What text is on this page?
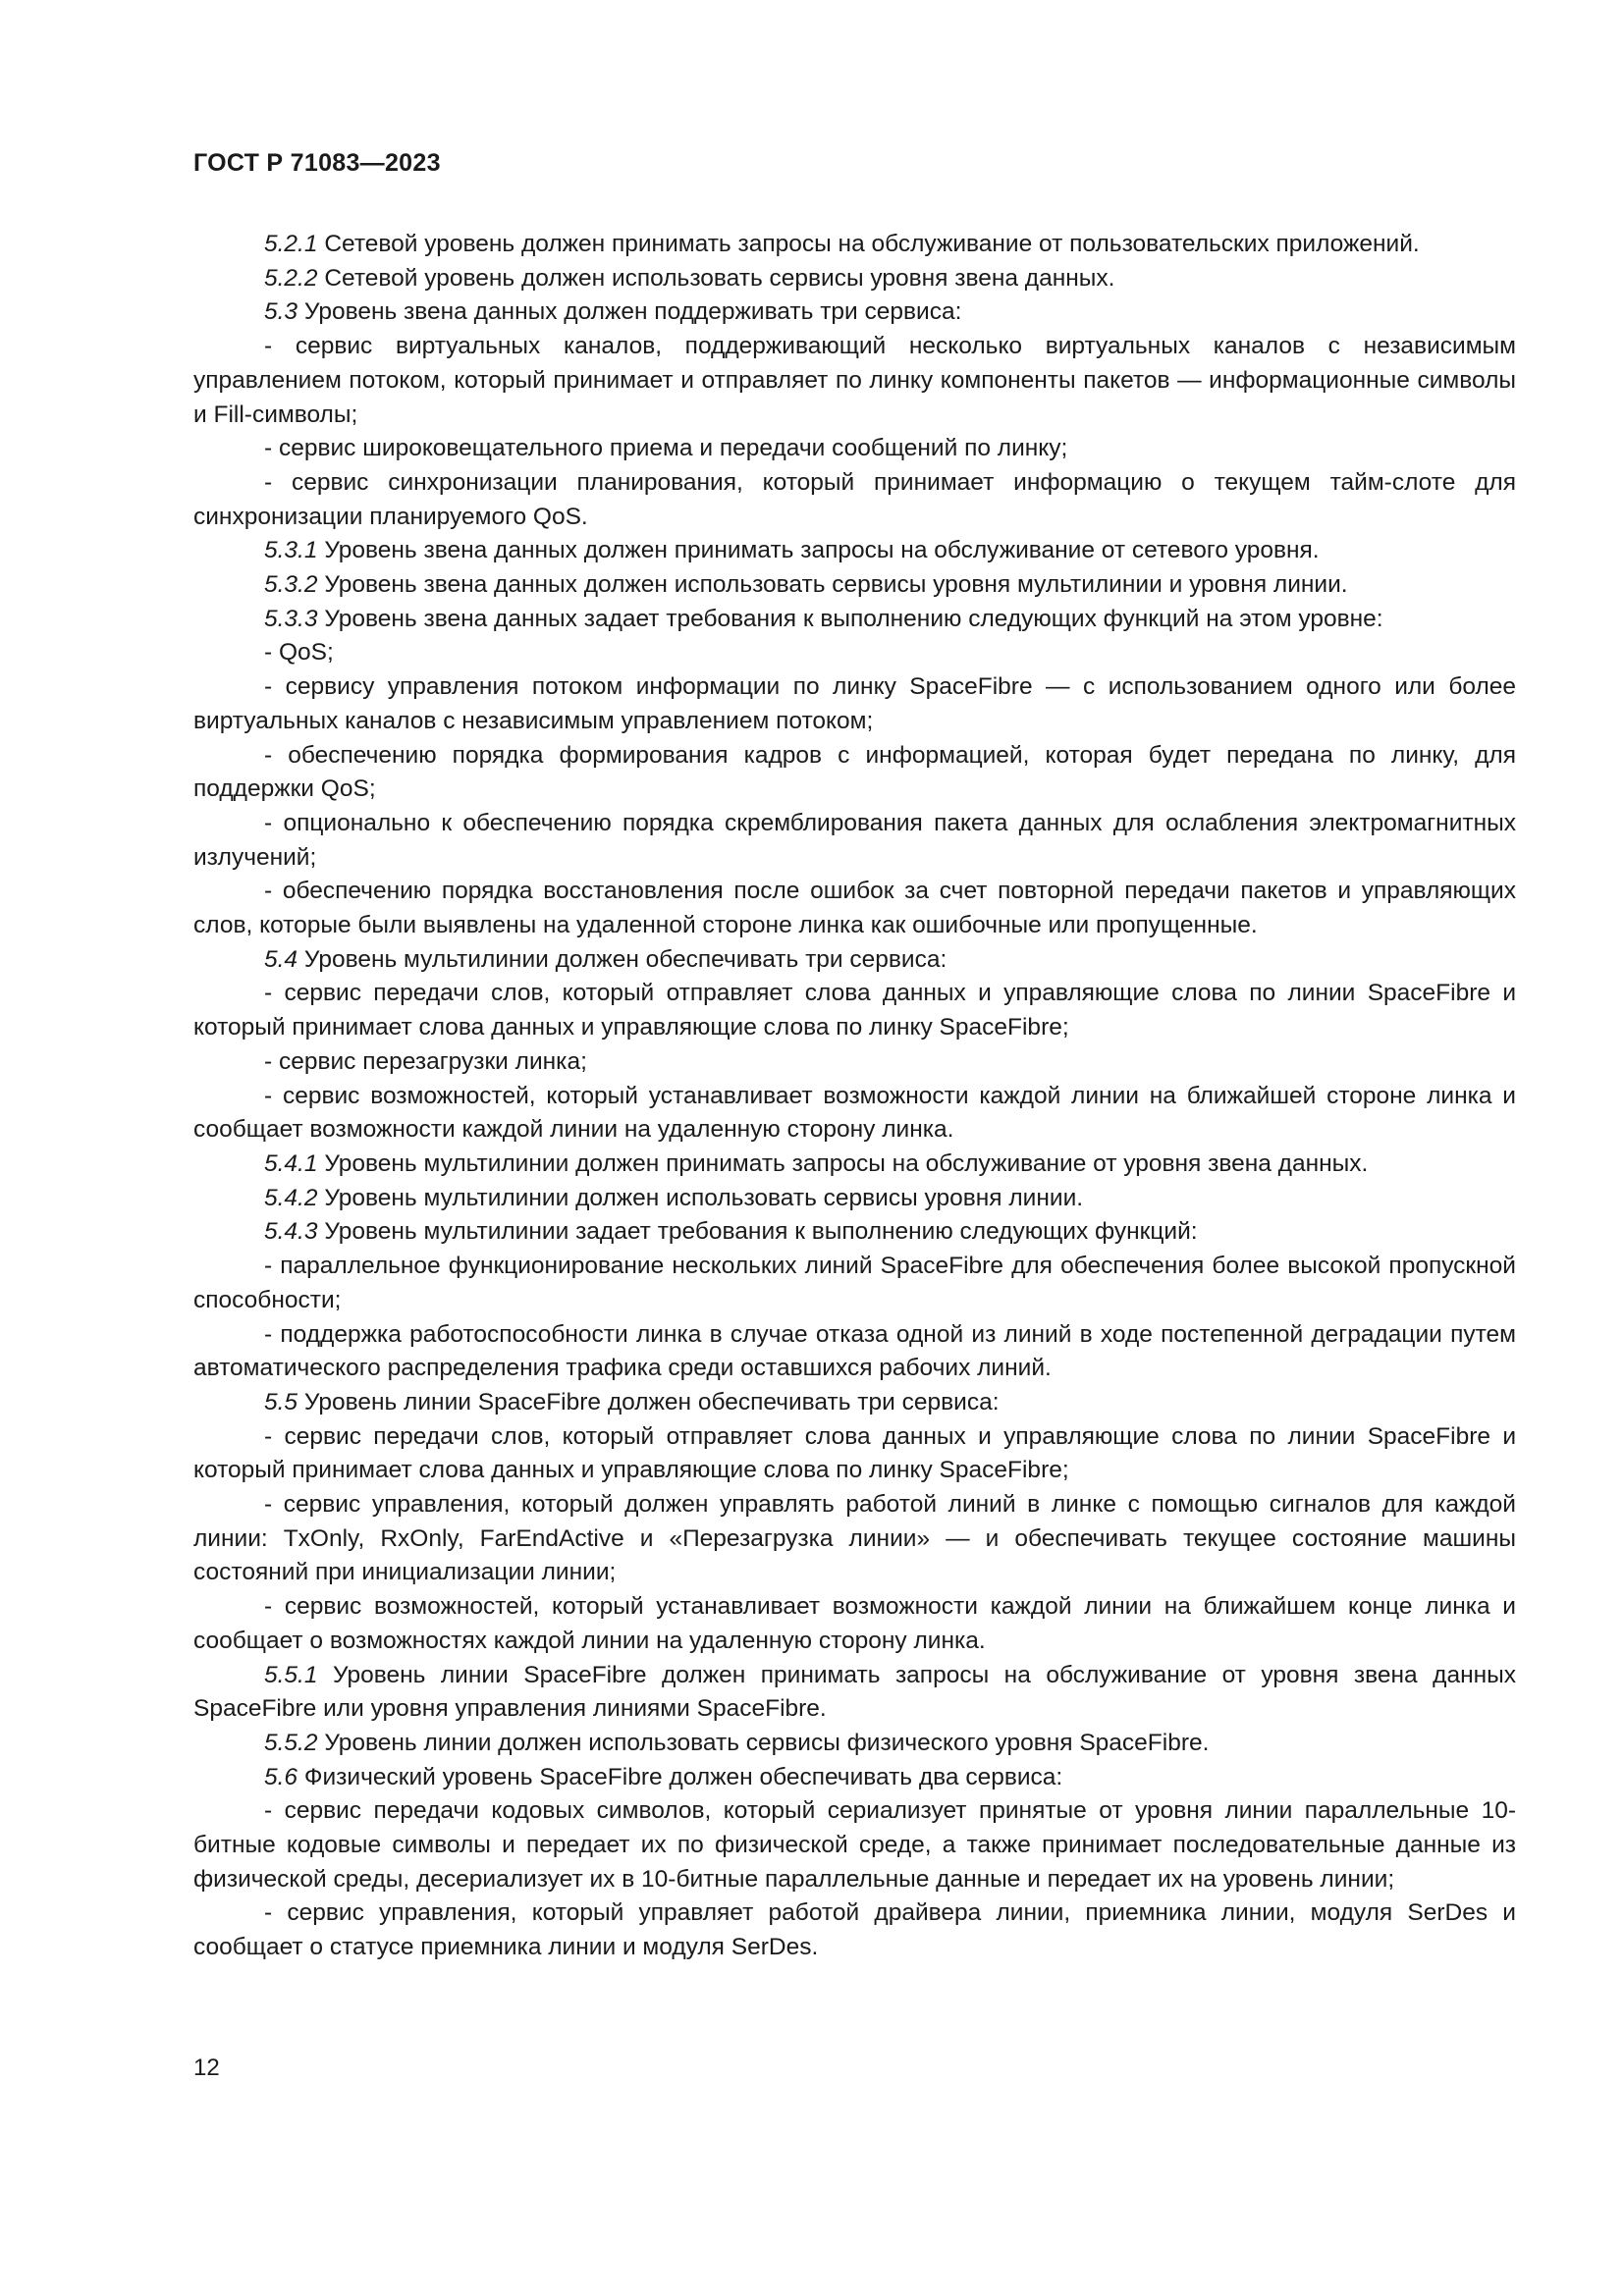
ГОСТ Р 71083—2023

5.2.1 Сетевой уровень должен принимать запросы на обслуживание от пользовательских приложений.

5.2.2 Сетевой уровень должен использовать сервисы уровня звена данных.

5.3 Уровень звена данных должен поддерживать три сервиса:

- сервис виртуальных каналов, поддерживающий несколько виртуальных каналов с независимым управлением потоком, который принимает и отправляет по линку компоненты пакетов — информационные символы и Fill-символы;

- сервис широковещательного приема и передачи сообщений по линку;

- сервис синхронизации планирования, который принимает информацию о текущем тайм-слоте для синхронизации планируемого QoS.

5.3.1 Уровень звена данных должен принимать запросы на обслуживание от сетевого уровня.

5.3.2 Уровень звена данных должен использовать сервисы уровня мультилинии и уровня линии.

5.3.3 Уровень звена данных задает требования к выполнению следующих функций на этом уровне:

- QoS;

- сервису управления потоком информации по линку SpaceFibre — с использованием одного или более виртуальных каналов с независимым управлением потоком;

- обеспечению порядка формирования кадров с информацией, которая будет передана по линку, для поддержки QoS;

- опционально к обеспечению порядка скремблирования пакета данных для ослабления электромагнитных излучений;

- обеспечению порядка восстановления после ошибок за счет повторной передачи пакетов и управляющих слов, которые были выявлены на удаленной стороне линка как ошибочные или пропущенные.

5.4 Уровень мультилинии должен обеспечивать три сервиса:

- сервис передачи слов, который отправляет слова данных и управляющие слова по линии SpaceFibre и который принимает слова данных и управляющие слова по линку SpaceFibre;

- сервис перезагрузки линка;

- сервис возможностей, который устанавливает возможности каждой линии на ближайшей стороне линка и сообщает возможности каждой линии на удаленную сторону линка.

5.4.1 Уровень мультилинии должен принимать запросы на обслуживание от уровня звена данных.

5.4.2 Уровень мультилинии должен использовать сервисы уровня линии.

5.4.3 Уровень мультилинии задает требования к выполнению следующих функций:

- параллельное функционирование нескольких линий SpaceFibre для обеспечения более высокой пропускной способности;

- поддержка работоспособности линка в случае отказа одной из линий в ходе постепенной деградации путем автоматического распределения трафика среди оставшихся рабочих линий.

5.5 Уровень линии SpaceFibre должен обеспечивать три сервиса:

- сервис передачи слов, который отправляет слова данных и управляющие слова по линии SpaceFibre и который принимает слова данных и управляющие слова по линку SpaceFibre;

- сервис управления, который должен управлять работой линий в линке с помощью сигналов для каждой линии: TxOnly, RxOnly, FarEndActive и «Перезагрузка линии» — и обеспечивать текущее состояние машины состояний при инициализации линии;

- сервис возможностей, который устанавливает возможности каждой линии на ближайшем конце линка и сообщает о возможностях каждой линии на удаленную сторону линка.

5.5.1 Уровень линии SpaceFibre должен принимать запросы на обслуживание от уровня звена данных SpaceFibre или уровня управления линиями SpaceFibre.

5.5.2 Уровень линии должен использовать сервисы физического уровня SpaceFibre.

5.6 Физический уровень SpaceFibre должен обеспечивать два сервиса:

- сервис передачи кодовых символов, который сериализует принятые от уровня линии параллельные 10-битные кодовые символы и передает их по физической среде, а также принимает последовательные данные из физической среды, десериализует их в 10-битные параллельные данные и передает их на уровень линии;

- сервис управления, который управляет работой драйвера линии, приемника линии, модуля SerDes и сообщает о статусе приемника линии и модуля SerDes.

12
